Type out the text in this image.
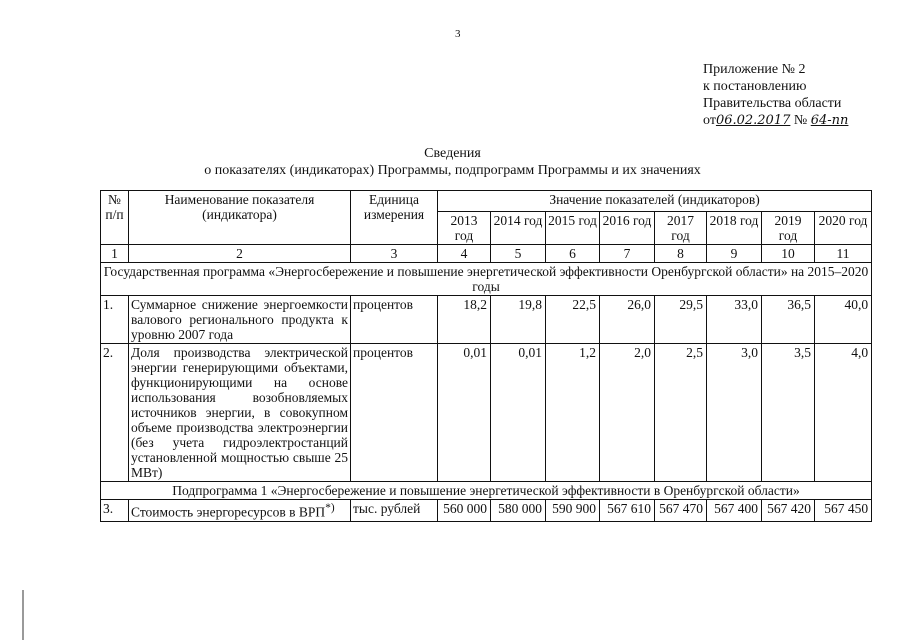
3
Приложение № 2
к постановлению
Правительства области
от06.02.2017 № 64-пп
Сведения
о показателях (индикаторах) Программы, подпрограмм Программы и их значениях
№ п/п	Наименование показателя (индикатора)	Единица измерения	Значение показателей (индикаторов)							
			2013 год	2014 год	2015 год	2016 год	2017 год	2018 год	2019 год	2020 год
1	2	3	4	5	6	7	8	9	10	11
Государственная программа «Энергосбережение и повышение энергетической эффективности Оренбургской области» на 2015–2020 годы										
1.	Суммарное снижение энергоемкости валового регионального продукта к уровню 2007 года	процентов	18,2	19,8	22,5	26,0	29,5	33,0	36,5	40,0
2.	Доля производства электрической энергии генерирующими объектами, функционирующими на основе использования возобновляемых источников энергии, в совокупном объеме производства электроэнергии (без учета гидроэлектростанций установленной мощностью свыше 25 МВт)	процентов	0,01	0,01	1,2	2,0	2,5	3,0	3,5	4,0
Подпрограмма 1 «Энергосбережение и повышение энергетической эффективности в Оренбургской области»										
3.	Стоимость энергоресурсов в ВРП*)	тыс. рублей	560 000	580 000	590 900	567 610	567 470	567 400	567 420	567 450
